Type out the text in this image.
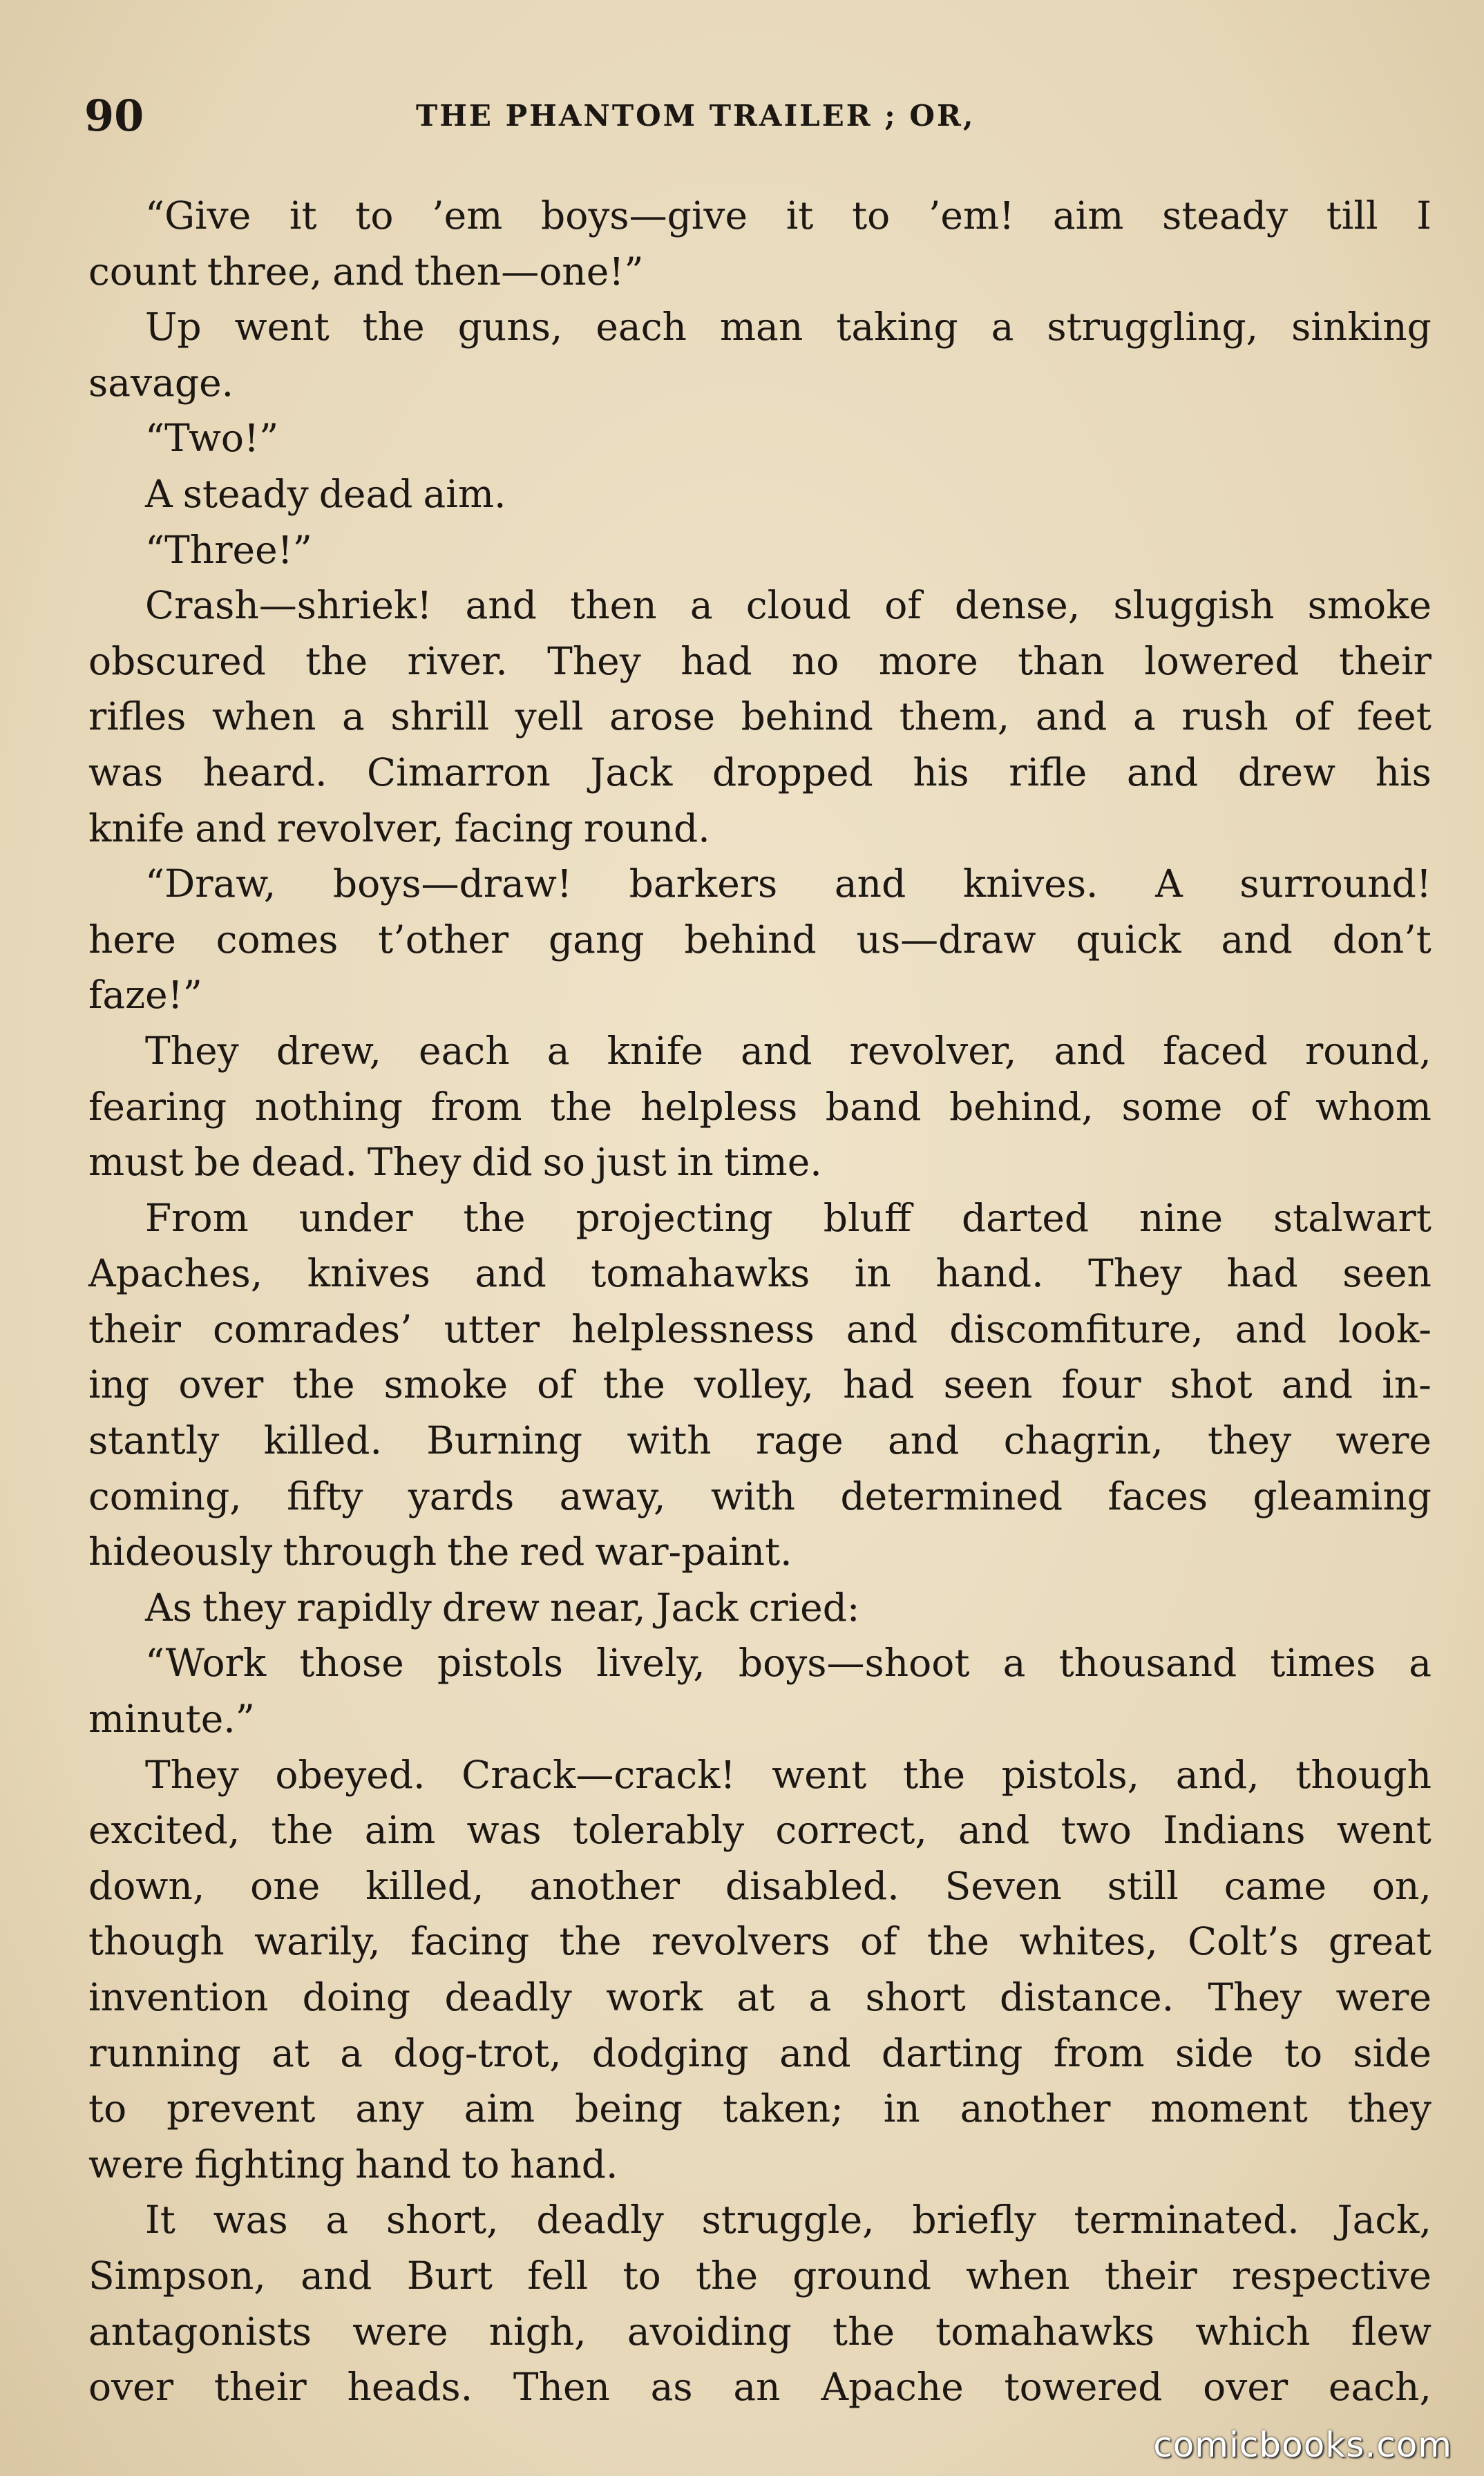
90	THE PHANTOM TRAILER ; OR,
“Give it to ’em boys—give it to ’em! aim steady till I
count three, and then—one!”
Up went the guns, each man taking a struggling, sinking
savage.
“Two!”
A steady dead aim.
“Three!”
Crash—shriek! and then a cloud of dense, sluggish smoke
obscured the river. They had no more than lowered their
rifles when a shrill yell arose behind them, and a rush of feet
was heard. Cimarron Jack dropped his rifle and drew his
knife and revolver, facing round.
“Draw, boys—draw! barkers and knives. A surround!
here comes t’other gang behind us—draw quick and don’t
faze!”
They drew, each a knife and revolver, and faced round,
fearing nothing from the helpless band behind, some of whom
must be dead. They did so just in time.
From under the projecting bluff darted nine stalwart
Apaches, knives and tomahawks in hand. They had seen
their comrades’ utter helplessness and discomfiture, and look-
ing over the smoke of the volley, had seen four shot and in-
stantly killed. Burning with rage and chagrin, they were
coming, fifty yards away, with determined faces gleaming
hideously through the red war-paint.
As they rapidly drew near, Jack cried:
“Work those pistols lively, boys—shoot a thousand times a
minute.”
They obeyed. Crack—crack! went the pistols, and, though
excited, the aim was tolerably correct, and two Indians went
down, one killed, another disabled. Seven still came on,
though warily, facing the revolvers of the whites, Colt’s great
invention doing deadly work at a short distance. They were
running at a dog-trot, dodging and darting from side to side
to prevent any aim being taken; in another moment they
were fighting hand to hand.
It was a short, deadly struggle, briefly terminated. Jack,
Simpson, and Burt fell to the ground when their respective
antagonists were nigh, avoiding the tomahawks which flew
over their heads. Then as an Apache towered over each,
comicbooks.com
